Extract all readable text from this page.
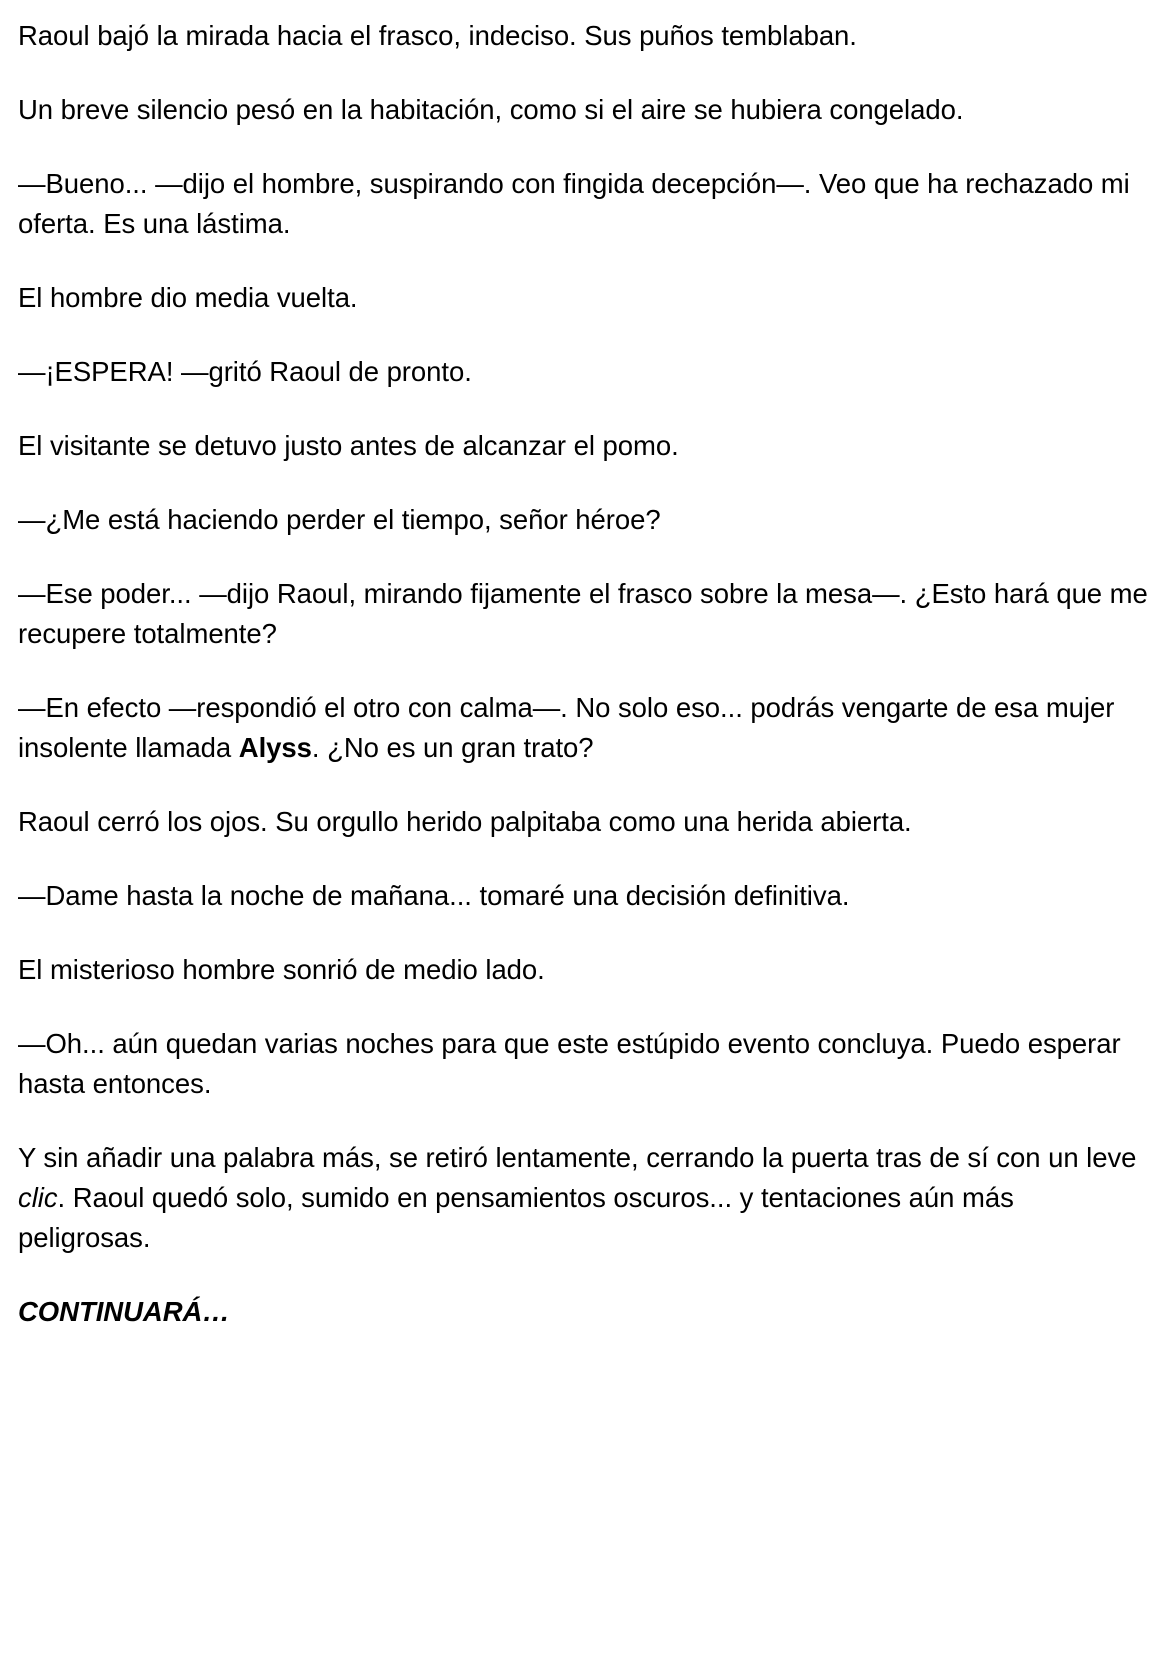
Raoul bajó la mirada hacia el frasco, indeciso. Sus puños temblaban.

Un breve silencio pesó en la habitación, como si el aire se hubiera congelado.

—Bueno... —dijo el hombre, suspirando con fingida decepción—. Veo que ha rechazado mi oferta. Es una lástima.

El hombre dio media vuelta.

—¡ESPERA! —gritó Raoul de pronto.

El visitante se detuvo justo antes de alcanzar el pomo.

—¿Me está haciendo perder el tiempo, señor héroe?

—Ese poder... —dijo Raoul, mirando fijamente el frasco sobre la mesa—. ¿Esto hará que me recupere totalmente?

—En efecto —respondió el otro con calma—. No solo eso... podrás vengarte de esa mujer insolente llamada Alyss. ¿No es un gran trato?

Raoul cerró los ojos. Su orgullo herido palpitaba como una herida abierta.

—Dame hasta la noche de mañana... tomaré una decisión definitiva.

El misterioso hombre sonrió de medio lado.

—Oh... aún quedan varias noches para que este estúpido evento concluya. Puedo esperar hasta entonces.

Y sin añadir una palabra más, se retiró lentamente, cerrando la puerta tras de sí con un leve clic. Raoul quedó solo, sumido en pensamientos oscuros... y tentaciones aún más peligrosas.

CONTINUARÁ…
